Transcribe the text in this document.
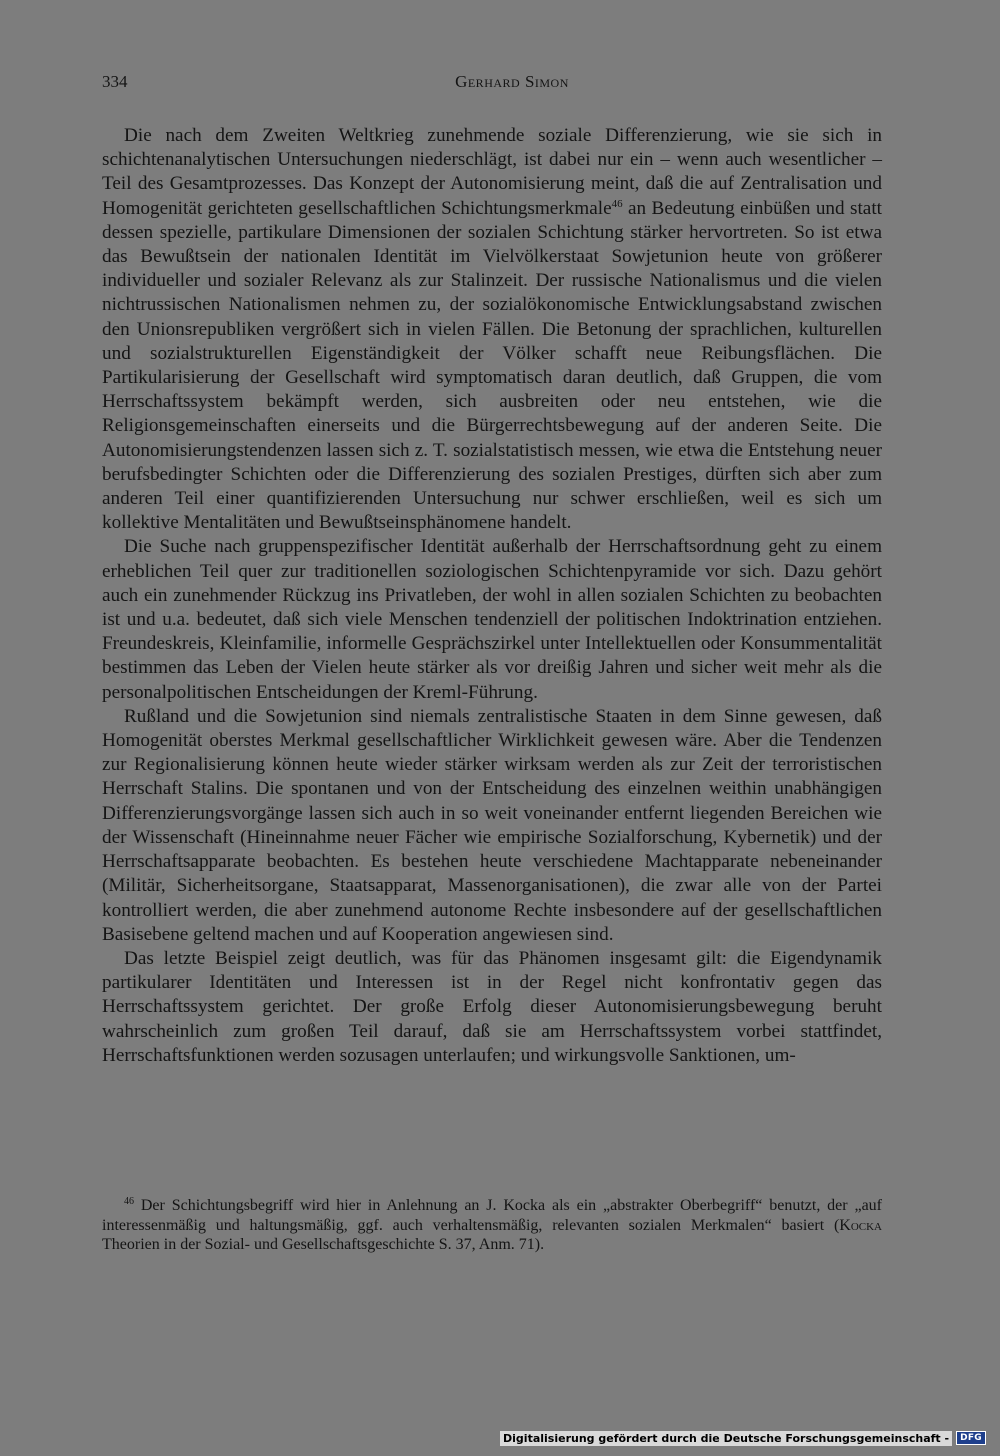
334	Gerhard Simon

Die nach dem Zweiten Weltkrieg zunehmende soziale Differenzierung, wie sie sich in schichtenanalytischen Untersuchungen niederschlägt, ist dabei nur ein – wenn auch wesentlicher – Teil des Gesamtprozesses. Das Konzept der Autonomisierung meint, daß die auf Zentralisation und Homogenität gerichteten gesellschaftlichen Schichtungsmerkmale$^{46}$ an Bedeutung einbüßen und statt dessen spezielle, partikulare Dimensionen der sozialen Schichtung stärker hervortreten. So ist etwa das Bewußtsein der nationalen Identität im Vielvölkerstaat Sowjetunion heute von größerer individueller und sozialer Relevanz als zur Stalinzeit. Der russische Nationalismus und die vielen nichtrussischen Nationalismen nehmen zu, der sozialökonomische Entwicklungsabstand zwischen den Unionsrepubliken vergrößert sich in vielen Fällen. Die Betonung der sprachlichen, kulturellen und sozialstrukturellen Eigenständigkeit der Völker schafft neue Reibungsflächen. Die Partikularisierung der Gesellschaft wird symptomatisch daran deutlich, daß Gruppen, die vom Herrschaftssystem bekämpft werden, sich ausbreiten oder neu entstehen, wie die Religionsgemeinschaften einerseits und die Bürgerrechtsbewegung auf der anderen Seite. Die Autonomisierungstendenzen lassen sich z. T. sozialstatistisch messen, wie etwa die Entstehung neuer berufsbedingter Schichten oder die Differenzierung des sozialen Prestiges, dürften sich aber zum anderen Teil einer quantifizierenden Untersuchung nur schwer erschließen, weil es sich um kollektive Mentalitäten und Bewußtseinsphänomene handelt.

Die Suche nach gruppenspezifischer Identität außerhalb der Herrschaftsordnung geht zu einem erheblichen Teil quer zur traditionellen soziologischen Schichtenpyramide vor sich. Dazu gehört auch ein zunehmender Rückzug ins Privatleben, der wohl in allen sozialen Schichten zu beobachten ist und u.a. bedeutet, daß sich viele Menschen tendenziell der politischen Indoktrination entziehen. Freundeskreis, Kleinfamilie, informelle Gesprächszirkel unter Intellektuellen oder Konsummentalität bestimmen das Leben der Vielen heute stärker als vor dreißig Jahren und sicher weit mehr als die personalpolitischen Entscheidungen der Kreml-Führung.

Rußland und die Sowjetunion sind niemals zentralistische Staaten in dem Sinne gewesen, daß Homogenität oberstes Merkmal gesellschaftlicher Wirklichkeit gewesen wäre. Aber die Tendenzen zur Regionalisierung können heute wieder stärker wirksam werden als zur Zeit der terroristischen Herrschaft Stalins. Die spontanen und von der Entscheidung des einzelnen weithin unabhängigen Differenzierungsvorgänge lassen sich auch in so weit voneinander entfernt liegenden Bereichen wie der Wissenschaft (Hineinnahme neuer Fächer wie empirische Sozialforschung, Kybernetik) und der Herrschaftsapparate beobachten. Es bestehen heute verschiedene Machtapparate nebeneinander (Militär, Sicherheitsorgane, Staatsapparat, Massenorganisationen), die zwar alle von der Partei kontrolliert werden, die aber zunehmend autonome Rechte insbesondere auf der gesellschaftlichen Basisebene geltend machen und auf Kooperation angewiesen sind.

Das letzte Beispiel zeigt deutlich, was für das Phänomen insgesamt gilt: die Eigendynamik partikularer Identitäten und Interessen ist in der Regel nicht konfrontativ gegen das Herrschaftssystem gerichtet. Der große Erfolg dieser Autonomisierungsbewegung beruht wahrscheinlich zum großen Teil darauf, daß sie am Herrschaftssystem vorbei stattfindet, Herrschaftsfunktionen werden sozusagen unterlaufen; und wirkungsvolle Sanktionen, um-

$^{46}$ Der Schichtungsbegriff wird hier in Anlehnung an J. Kocka als ein „abstrakter Oberbegriff“ benutzt, der „auf interessenmäßig und haltungsmäßig, ggf. auch verhaltensmäßig, relevanten sozialen Merkmalen“ basiert (Kocka Theorien in der Sozial- und Gesellschaftsgeschichte S. 37, Anm. 71).

Digitalisierung gefördert durch die Deutsche Forschungsgemeinschaft -	DFG
